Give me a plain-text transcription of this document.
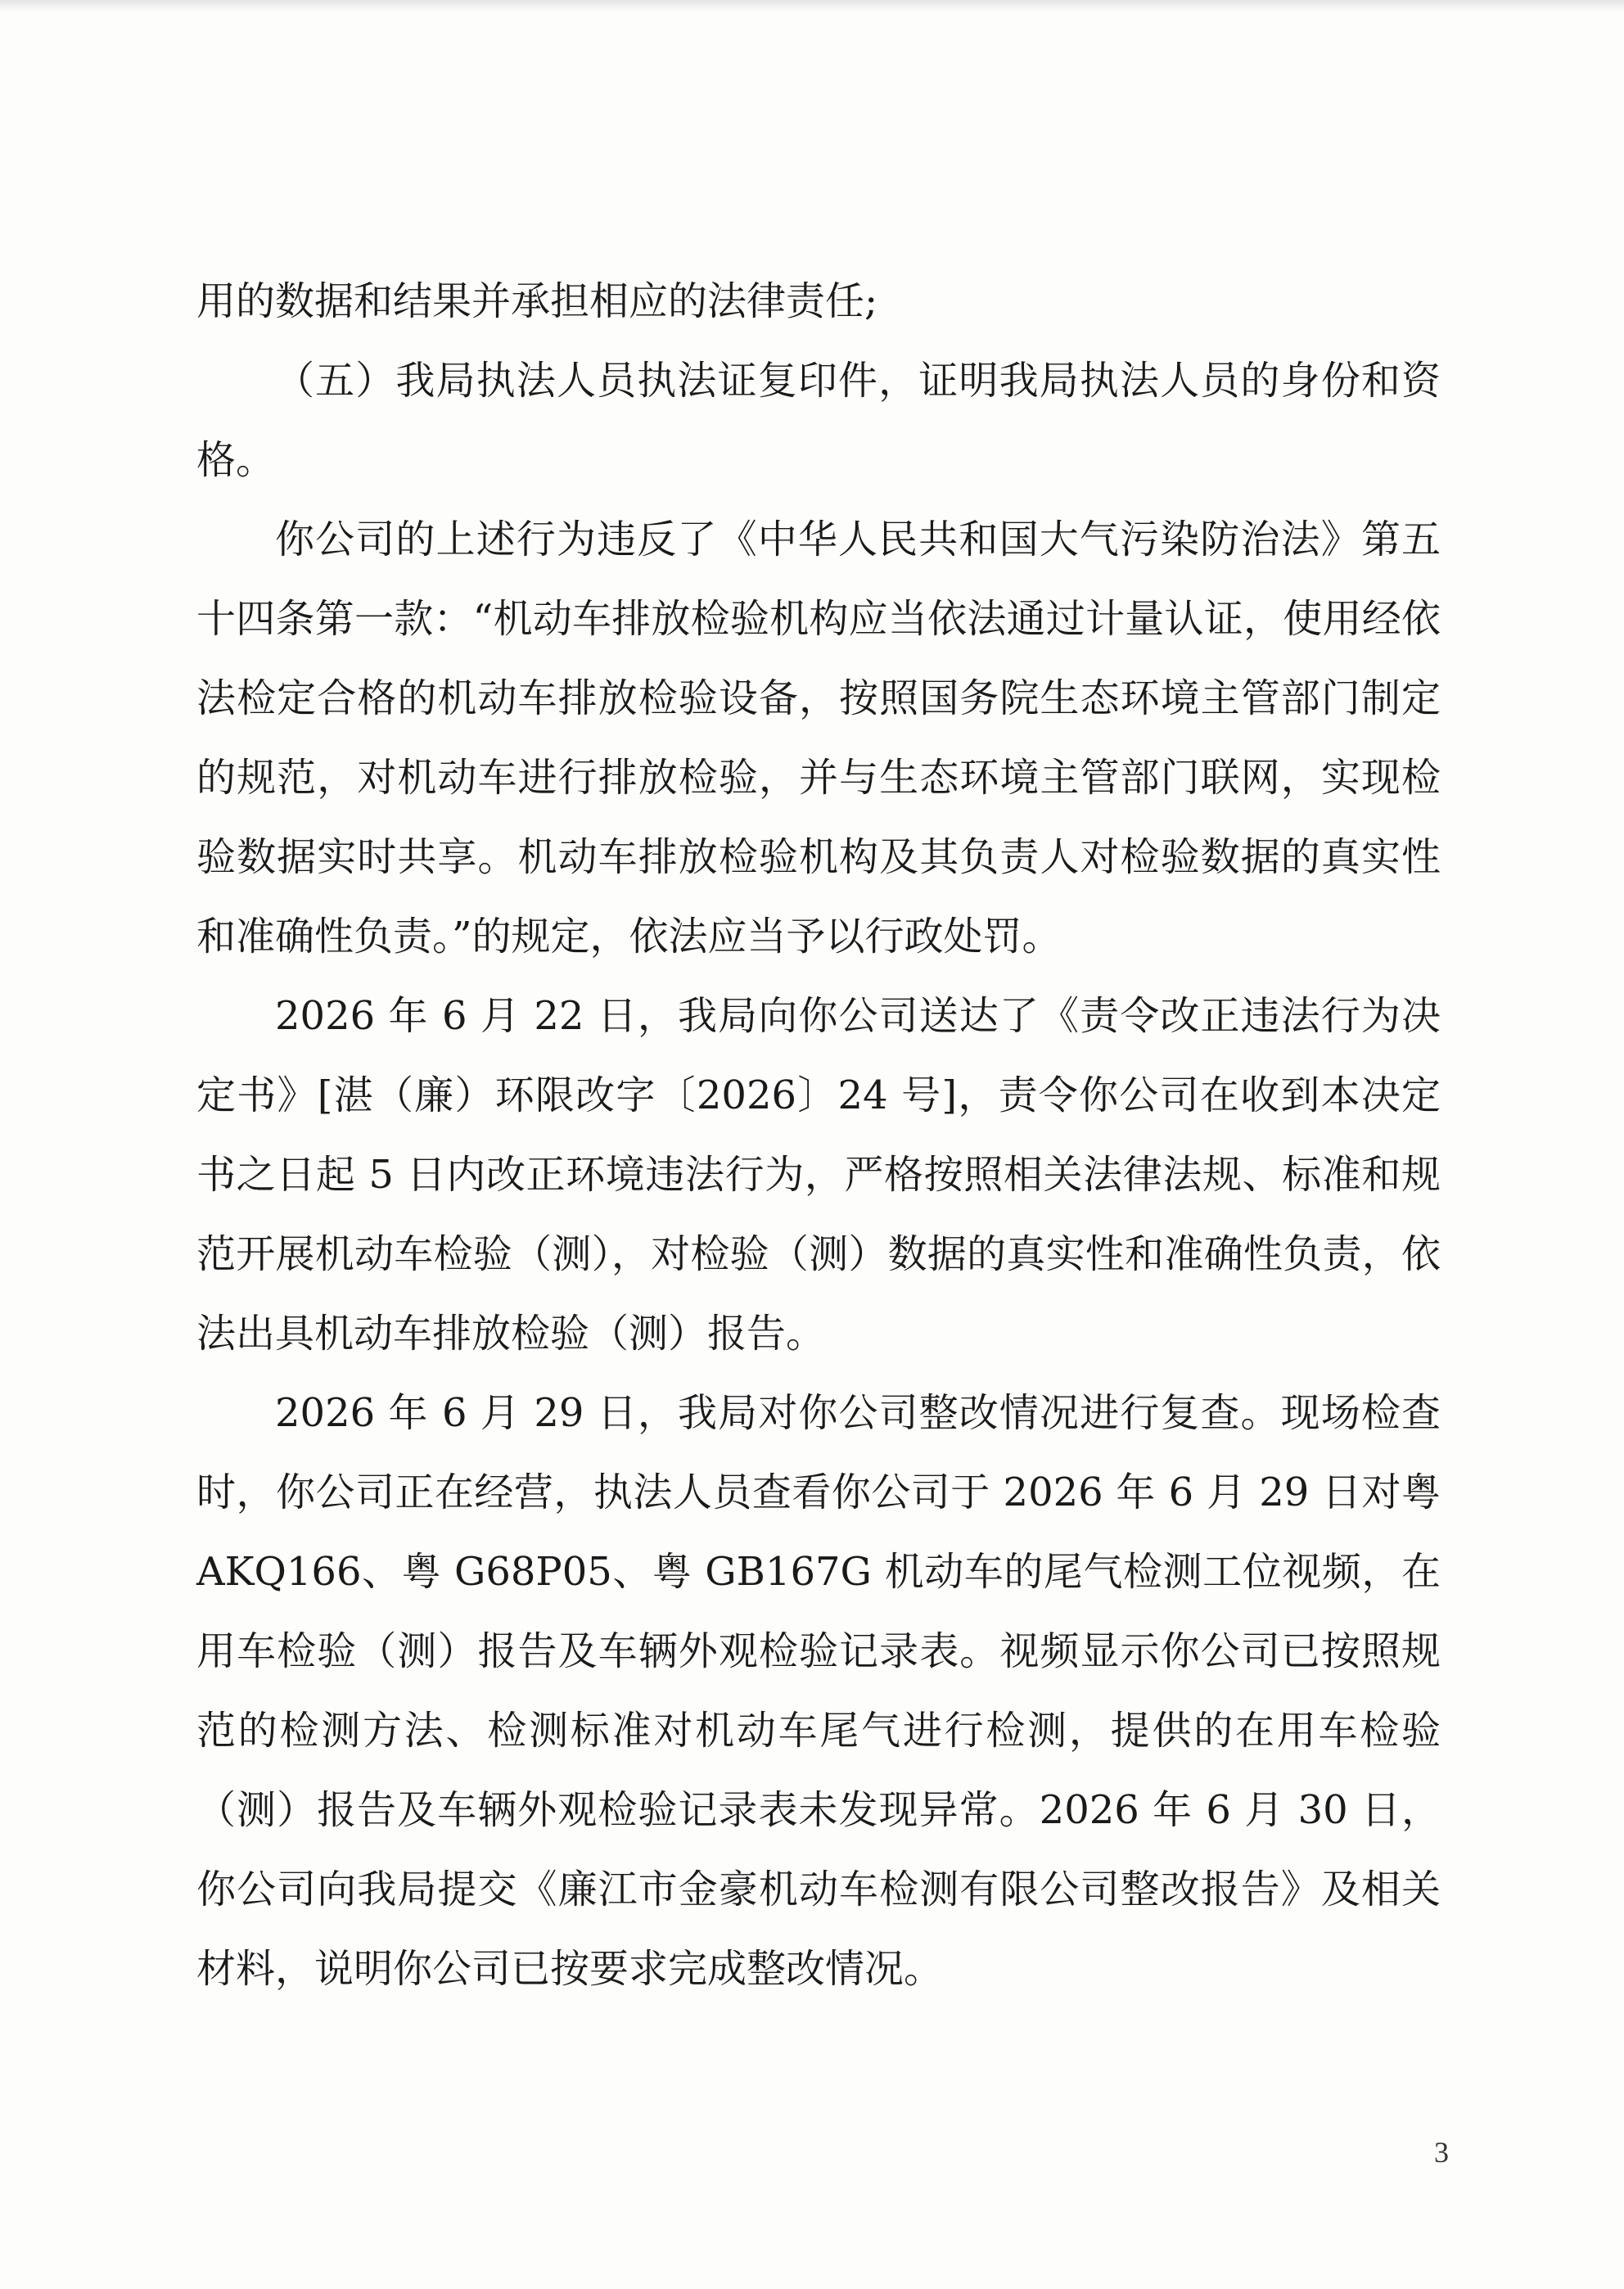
用的数据和结果并承担相应的法律责任;

（五）我局执法人员执法证复印件，证明我局执法人员的身份和资格。

你公司的上述行为违反了《中华人民共和国大气污染防治法》第五十四条第一款：“机动车排放检验机构应当依法通过计量认证，使用经依法检定合格的机动车排放检验设备，按照国务院生态环境主管部门制定的规范，对机动车进行排放检验，并与生态环境主管部门联网，实现检验数据实时共享。机动车排放检验机构及其负责人对检验数据的真实性和准确性负责。”的规定，依法应当予以行政处罚。

2026 年 6 月 22 日，我局向你公司送达了《责令改正违法行为决定书》[湛（廉）环限改字〔2026〕24 号]，责令你公司在收到本决定书之日起 5 日内改正环境违法行为，严格按照相关法律法规、标准和规范开展机动车检验（测），对检验（测）数据的真实性和准确性负责，依法出具机动车排放检验（测）报告。

2026 年 6 月 29 日，我局对你公司整改情况进行复查。现场检查时，你公司正在经营，执法人员查看你公司于 2026 年 6 月 29 日对粤 AKQ166、粤 G68P05、粤 GB167G 机动车的尾气检测工位视频，在用车检验（测）报告及车辆外观检验记录表。视频显示你公司已按照规范的检测方法、检测标准对机动车尾气进行检测，提供的在用车检验（测）报告及车辆外观检验记录表未发现异常。2026 年 6 月 30 日，你公司向我局提交《廉江市金豪机动车检测有限公司整改报告》及相关材料，说明你公司已按要求完成整改情况。

3
